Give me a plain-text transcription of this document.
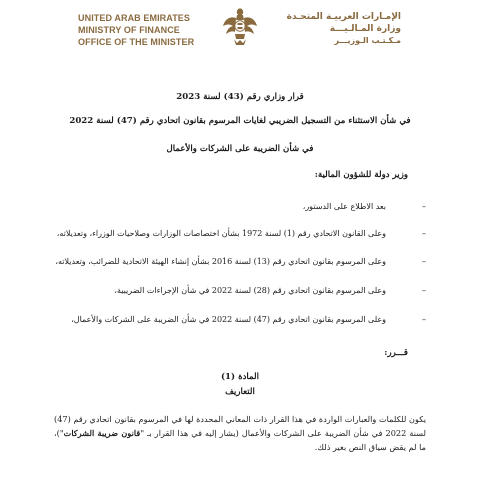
UNITED ARAB EMIRATES
MINISTRY OF FINANCE
OFFICE OF THE MINISTER
الإمـارات العربيـة المتحـدة
وزارة المـالـيـــة
مـكـتـب الـوزيـــر
قرار وزاري رقم (43) لسنة 2023
في شأن الاستثناء من التسجيل الضريبي لغايات المرسوم بقانون اتحادي رقم (47) لسنة 2022
في شأن الضريبة على الشركات والأعمال
وزير دولة للشؤون المالية:
–
بعد الاطلاع على الدستور،
–
وعلى القانون الاتحادي رقم (1) لسنة 1972 بشأن اختصاصات الوزارات وصلاحيات الوزراء، وتعديلاته،
–
وعلى المرسوم بقانون اتحادي رقم (13) لسنة 2016 بشأن إنشاء الهيئة الاتحادية للضرائب، وتعديلاته،
–
وعلى المرسوم بقانون اتحادي رقم (28) لسنة 2022 في شأن الإجراءات الضريبية،
–
وعلى المرسوم بقانون اتحادي رقم (47) لسنة 2022 في شأن الضريبة على الشركات والأعمال،
قـــرر:
المادة (1)
التعاريف
يكون للكلمات والعبارات الواردة في هذا القرار ذات المعاني المحددة لها في المرسوم بقانون اتحادي رقم (47) لسنة 2022 في شأن الضريبة على الشركات والأعمال (يشار إليه في هذا القرار بـ "قانون ضريبة الشركات")، ما لم يقض سياق النص بغير ذلك.
